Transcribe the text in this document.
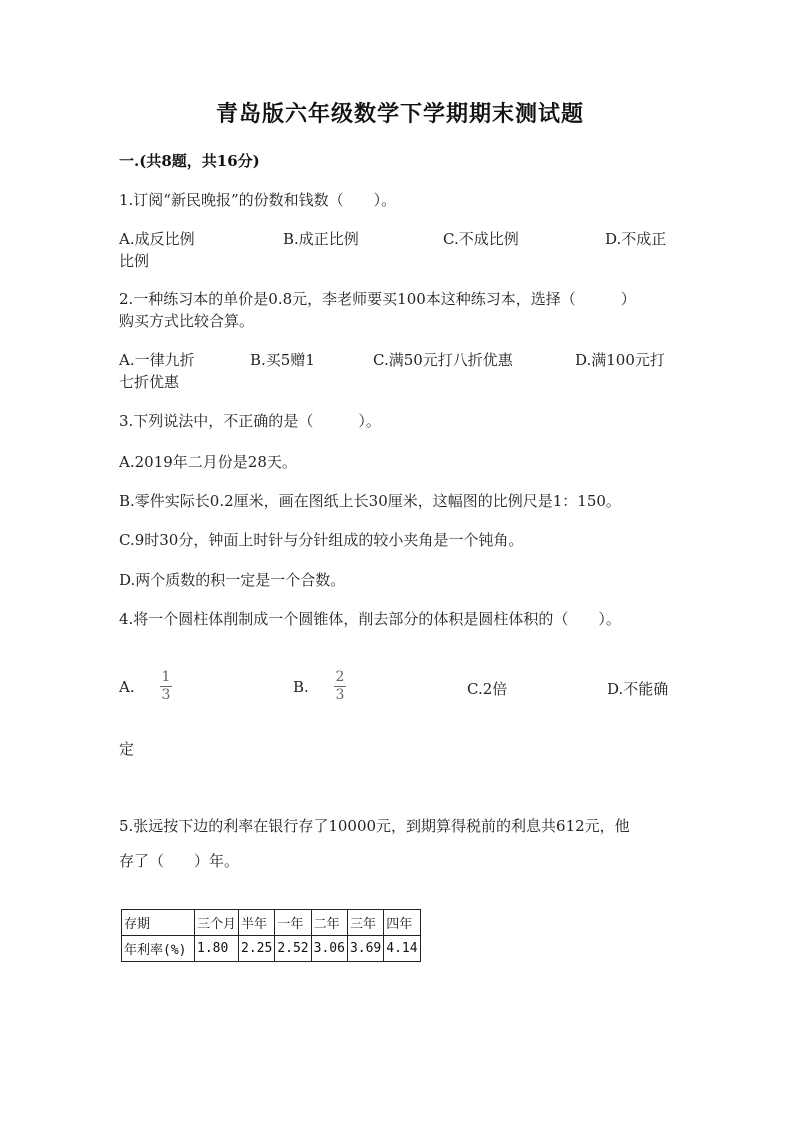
青岛版六年级数学下学期期末测试题
一.(共8题，共16分)
1.订阅“新民晚报”的份数和钱数（　　）。
A.成反比例	B.成正比例	C.不成比例	D.不成正
比例
2.一种练习本的单价是0.8元，李老师要买100本这种练习本，选择（　　　）
购买方式比较合算。
A.一律九折	B.买5赠1	C.满50元打八折优惠	D.满100元打
七折优惠
3.下列说法中，不正确的是（　　　）。
A.2019年二月份是28天。
B.零件实际长0.2厘米，画在图纸上长30厘米，这幅图的比例尺是1：150。
C.9时30分，钟面上时针与分针组成的较小夹角是一个钝角。
D.两个质数的积一定是一个合数。
4.将一个圆柱体削制成一个圆锥体，削去部分的体积是圆柱体积的（　　）。
A.
1
3	B.
2
3	C.2倍	D.不能确
定
5.张远按下边的利率在银行存了10000元，到期算得税前的利息共612元，他
存了（　　）年。
存期	三个月	半年	一年	二年	三年	四年
年利率(%)	1.80	2.25	2.52	3.06	3.69	4.14
